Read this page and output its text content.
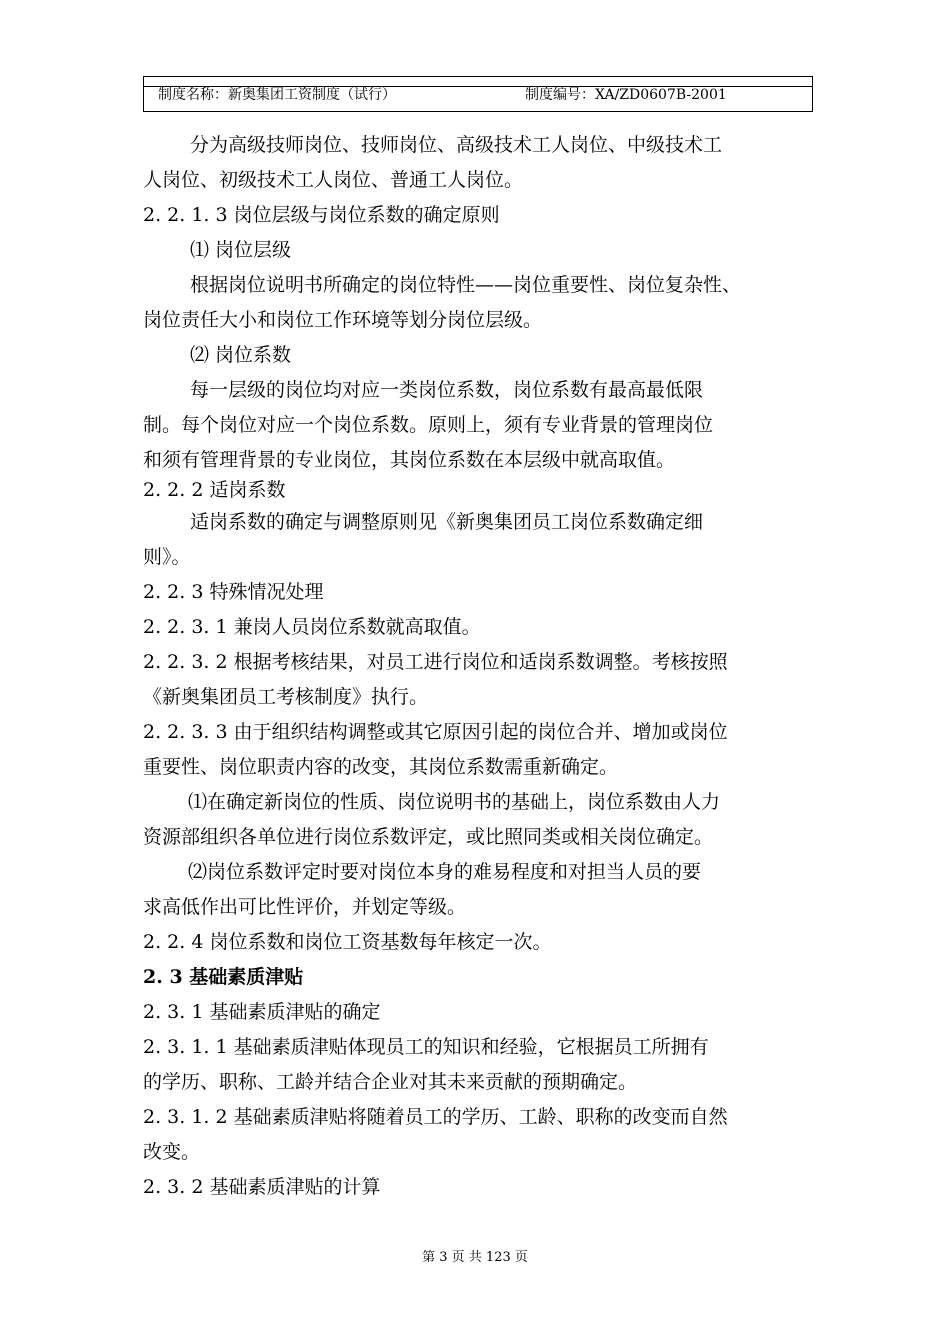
制度名称：新奥集团工资制度（试行）	制度编号：XA/ZD0607B-2001
分为高级技师岗位、技师岗位、高级技术工人岗位、中级技术工
人岗位、初级技术工人岗位、普通工人岗位。
2. 2. 1. 3 岗位层级与岗位系数的确定原则
⑴ 岗位层级
根据岗位说明书所确定的岗位特性——岗位重要性、岗位复杂性、
岗位责任大小和岗位工作环境等划分岗位层级。
⑵ 岗位系数
每一层级的岗位均对应一类岗位系数，岗位系数有最高最低限
制。每个岗位对应一个岗位系数。原则上，须有专业背景的管理岗位
和须有管理背景的专业岗位，其岗位系数在本层级中就高取值。
2. 2. 2 适岗系数
适岗系数的确定与调整原则见《新奥集团员工岗位系数确定细
则》。
2. 2. 3 特殊情况处理
2. 2. 3. 1 兼岗人员岗位系数就高取值。
2. 2. 3. 2 根据考核结果，对员工进行岗位和适岗系数调整。考核按照
《新奥集团员工考核制度》执行。
2. 2. 3. 3 由于组织结构调整或其它原因引起的岗位合并、增加或岗位
重要性、岗位职责内容的改变，其岗位系数需重新确定。
⑴在确定新岗位的性质、岗位说明书的基础上，岗位系数由人力
资源部组织各单位进行岗位系数评定，或比照同类或相关岗位确定。
⑵岗位系数评定时要对岗位本身的难易程度和对担当人员的要
求高低作出可比性评价，并划定等级。
2. 2. 4 岗位系数和岗位工资基数每年核定一次。
2. 3 基础素质津贴
2. 3. 1 基础素质津贴的确定
2. 3. 1. 1 基础素质津贴体现员工的知识和经验，它根据员工所拥有
的学历、职称、工龄并结合企业对其未来贡献的预期确定。
2. 3. 1. 2 基础素质津贴将随着员工的学历、工龄、职称的改变而自然
改变。
2. 3. 2 基础素质津贴的计算
第 3 页 共 123 页
